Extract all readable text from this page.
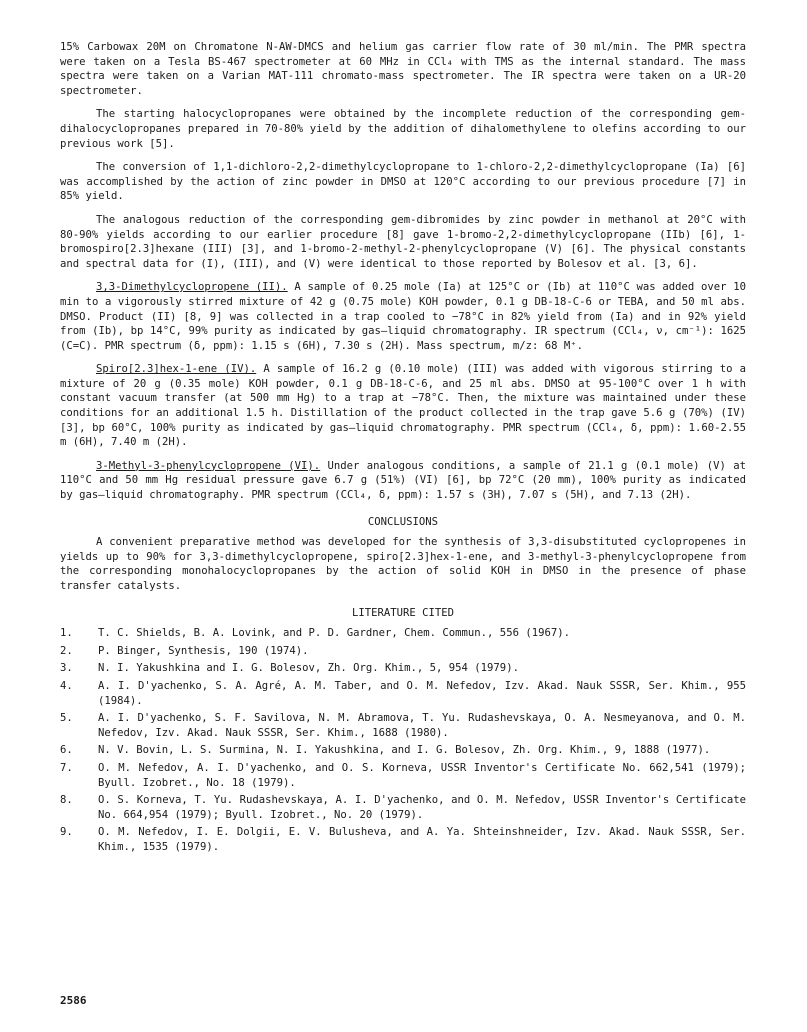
15% Carbowax 20M on Chromatone N-AW-DMCS and helium gas carrier flow rate of 30 ml/min. The PMR spectra were taken on a Tesla BS-467 spectrometer at 60 MHz in CCl₄ with TMS as the internal standard. The mass spectra were taken on a Varian MAT-111 chromato-mass spectrometer. The IR spectra were taken on a UR-20 spectrometer.

The starting halocyclopropanes were obtained by the incomplete reduction of the corresponding gem-dihalocyclopropanes prepared in 70-80% yield by the addition of dihalomethylene to olefins according to our previous work [5].

The conversion of 1,1-dichloro-2,2-dimethylcyclopropane to 1-chloro-2,2-dimethylcyclopropane (Ia) [6] was accomplished by the action of zinc powder in DMSO at 120°C according to our previous procedure [7] in 85% yield.

The analogous reduction of the corresponding gem-dibromides by zinc powder in methanol at 20°C with 80-90% yields according to our earlier procedure [8] gave 1-bromo-2,2-dimethylcyclopropane (IIb) [6], 1-bromospiro[2.3]hexane (III) [3], and 1-bromo-2-methyl-2-phenylcyclopropane (V) [6]. The physical constants and spectral data for (I), (III), and (V) were identical to those reported by Bolesov et al. [3, 6].

3,3-Dimethylcyclopropene (II). A sample of 0.25 mole (Ia) at 125°C or (Ib) at 110°C was added over 10 min to a vigorously stirred mixture of 42 g (0.75 mole) KOH powder, 0.1 g DB-18-C-6 or TEBA, and 50 ml abs. DMSO. Product (II) [8, 9] was collected in a trap cooled to −78°C in 82% yield from (Ia) and in 92% yield from (Ib), bp 14°C, 99% purity as indicated by gas—liquid chromatography. IR spectrum (CCl₄, ν, cm⁻¹): 1625 (C=C). PMR spectrum (δ, ppm): 1.15 s (6H), 7.30 s (2H). Mass spectrum, m/z: 68 M⁺.

Spiro[2.3]hex-1-ene (IV). A sample of 16.2 g (0.10 mole) (III) was added with vigorous stirring to a mixture of 20 g (0.35 mole) KOH powder, 0.1 g DB-18-C-6, and 25 ml abs. DMSO at 95-100°C over 1 h with constant vacuum transfer (at 500 mm Hg) to a trap at −78°C. Then, the mixture was maintained under these conditions for an additional 1.5 h. Distillation of the product collected in the trap gave 5.6 g (70%) (IV) [3], bp 60°C, 100% purity as indicated by gas—liquid chromatography. PMR spectrum (CCl₄, δ, ppm): 1.60-2.55 m (6H), 7.40 m (2H).

3-Methyl-3-phenylcyclopropene (VI). Under analogous conditions, a sample of 21.1 g (0.1 mole) (V) at 110°C and 50 mm Hg residual pressure gave 6.7 g (51%) (VI) [6], bp 72°C (20 mm), 100% purity as indicated by gas—liquid chromatography. PMR spectrum (CCl₄, δ, ppm): 1.57 s (3H), 7.07 s (5H), and 7.13 (2H).

CONCLUSIONS

A convenient preparative method was developed for the synthesis of 3,3-disubstituted cyclopropenes in yields up to 90% for 3,3-dimethylcyclopropene, spiro[2.3]hex-1-ene, and 3-methyl-3-phenylcyclopropene from the corresponding monohalocyclopropanes by the action of solid KOH in DMSO in the presence of phase transfer catalysts.

LITERATURE CITED
1.	T. C. Shields, B. A. Lovink, and P. D. Gardner, Chem. Commun., 556 (1967).
2.	P. Binger, Synthesis, 190 (1974).
3.	N. I. Yakushkina and I. G. Bolesov, Zh. Org. Khim., 5, 954 (1979).
4.	A. I. D'yachenko, S. A. Agré, A. M. Taber, and O. M. Nefedov, Izv. Akad. Nauk SSSR, Ser. Khim., 955 (1984).
5.	A. I. D'yachenko, S. F. Savilova, N. M. Abramova, T. Yu. Rudashevskaya, O. A. Nesmeyanova, and O. M. Nefedov, Izv. Akad. Nauk SSSR, Ser. Khim., 1688 (1980).
6.	N. V. Bovin, L. S. Surmina, N. I. Yakushkina, and I. G. Bolesov, Zh. Org. Khim., 9, 1888 (1977).
7.	O. M. Nefedov, A. I. D'yachenko, and O. S. Korneva, USSR Inventor's Certificate No. 662,541 (1979); Byull. Izobret., No. 18 (1979).
8.	O. S. Korneva, T. Yu. Rudashevskaya, A. I. D'yachenko, and O. M. Nefedov, USSR Inventor's Certificate No. 664,954 (1979); Byull. Izobret., No. 20 (1979).
9.	O. M. Nefedov, I. E. Dolgii, E. V. Bulusheva, and A. Ya. Shteinshneider, Izv. Akad. Nauk SSSR, Ser. Khim., 1535 (1979).
2586
